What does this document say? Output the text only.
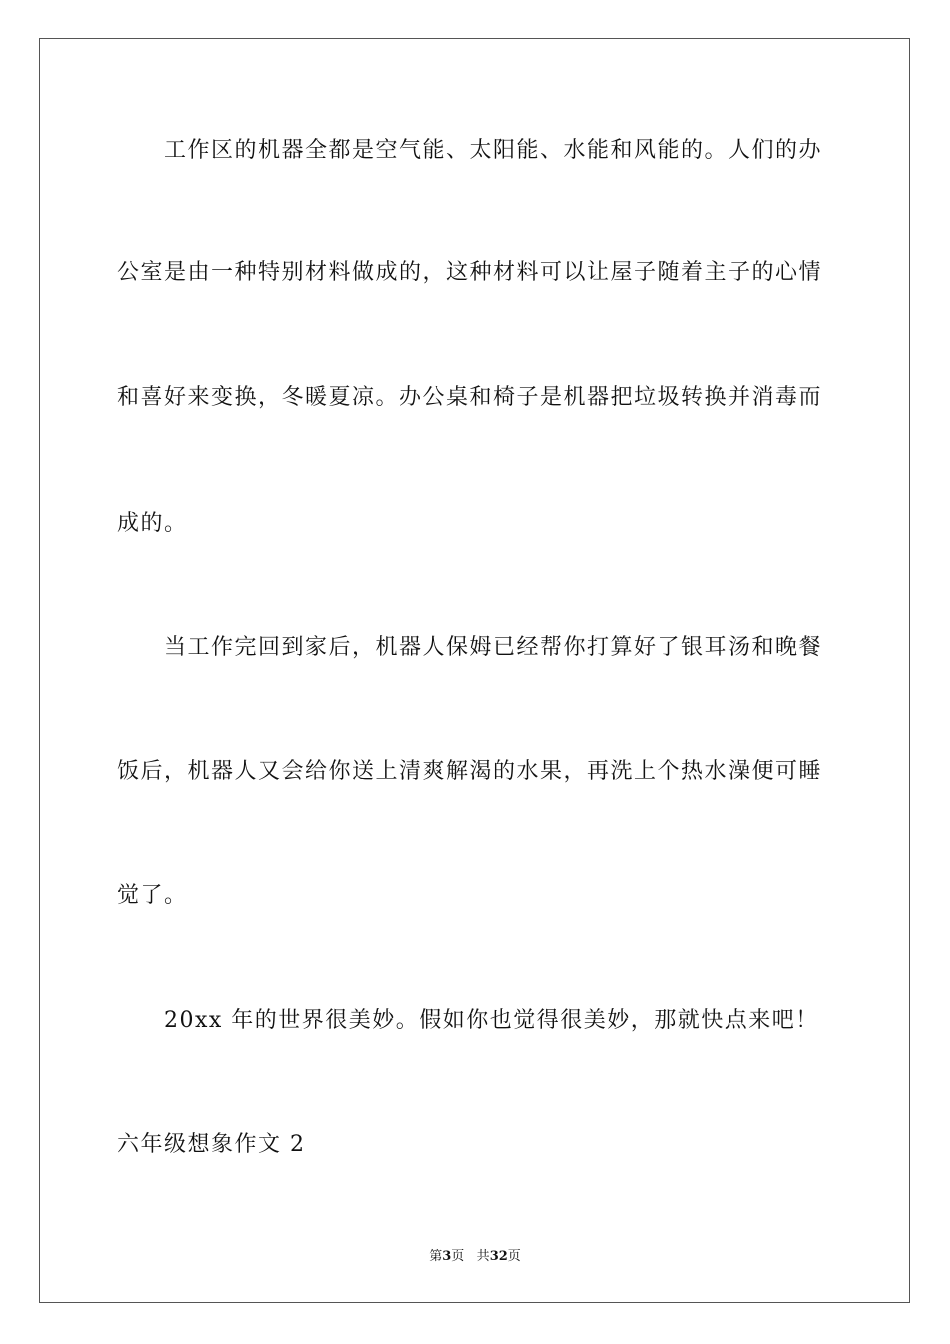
　　工作区的机器全都是空气能、太阳能、水能和风能的。人们的办
公室是由一种特别材料做成的，这种材料可以让屋子随着主子的心情
和喜好来变换，冬暖夏凉。办公桌和椅子是机器把垃圾转换并消毒而
成的。
　　当工作完回到家后，机器人保姆已经帮你打算好了银耳汤和晚餐
饭后，机器人又会给你送上清爽解渴的水果，再洗上个热水澡便可睡
觉了。
　　20xx 年的世界很美妙。假如你也觉得很美妙，那就快点来吧！
六年级想象作文 2
第3页 共32页
